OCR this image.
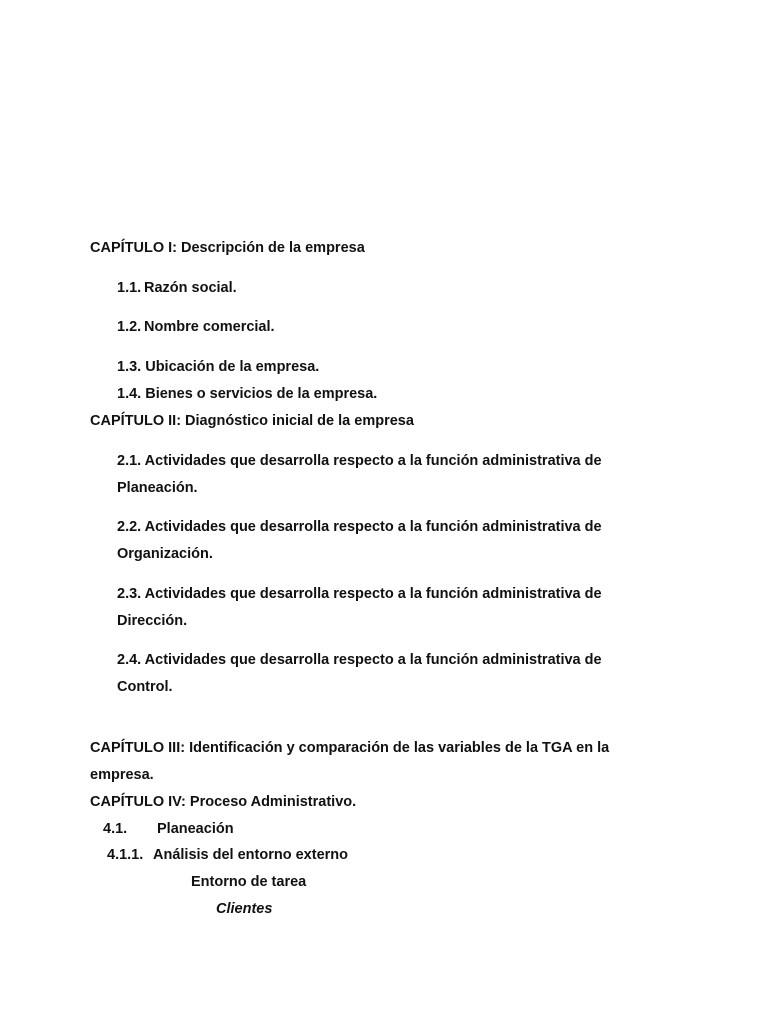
CAPÍTULO I: Descripción de la empresa
1.1. Razón social.
1.2. Nombre comercial.
1.3. Ubicación de la empresa.
1.4. Bienes o servicios de la empresa.
CAPÍTULO II: Diagnóstico inicial de la empresa
2.1. Actividades que desarrolla respecto a la función administrativa de
Planeación.
2.2. Actividades que desarrolla respecto a la función administrativa de
Organización.
2.3. Actividades que desarrolla respecto a la función administrativa de
Dirección.
2.4. Actividades que desarrolla respecto a la función administrativa de
Control.
CAPÍTULO III: Identificación y comparación de las variables de la TGA en la
empresa.
CAPÍTULO IV: Proceso Administrativo.
4.1. Planeación
4.1.1. Análisis del entorno externo
Entorno de tarea
Clientes
